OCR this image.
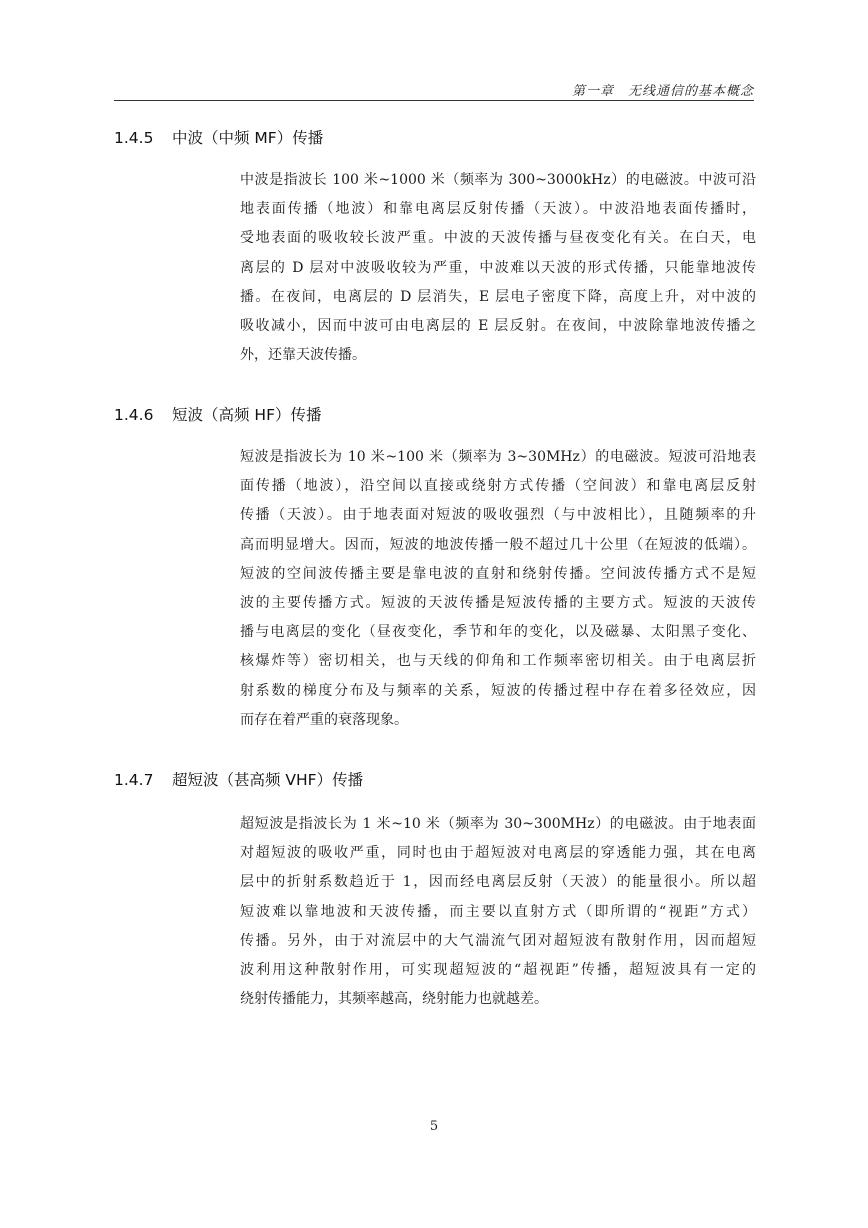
第一章　无线通信的基本概念
1.4.5 中波（中频 MF）传播
中波是指波长 100 米~1000 米（频率为 300~3000kHz）的电磁波。中波可沿
地表面传播（地波）和靠电离层反射传播（天波）。中波沿地表面传播时，
受地表面的吸收较长波严重。中波的天波传播与昼夜变化有关。在白天，电
离层的 D 层对中波吸收较为严重，中波难以天波的形式传播，只能靠地波传
播。在夜间，电离层的 D 层消失，E 层电子密度下降，高度上升，对中波的
吸收减小，因而中波可由电离层的 E 层反射。在夜间，中波除靠地波传播之
外，还靠天波传播。
1.4.6 短波（高频 HF）传播
短波是指波长为 10 米~100 米（频率为 3~30MHz）的电磁波。短波可沿地表
面传播（地波），沿空间以直接或绕射方式传播（空间波）和靠电离层反射
传播（天波）。由于地表面对短波的吸收强烈（与中波相比），且随频率的升
高而明显增大。因而，短波的地波传播一般不超过几十公里（在短波的低端）。
短波的空间波传播主要是靠电波的直射和绕射传播。空间波传播方式不是短
波的主要传播方式。短波的天波传播是短波传播的主要方式。短波的天波传
播与电离层的变化（昼夜变化，季节和年的变化，以及磁暴、太阳黑子变化、
核爆炸等）密切相关，也与天线的仰角和工作频率密切相关。由于电离层折
射系数的梯度分布及与频率的关系，短波的传播过程中存在着多径效应，因
而存在着严重的衰落现象。
1.4.7 超短波（甚高频 VHF）传播
超短波是指波长为 1 米~10 米（频率为 30~300MHz）的电磁波。由于地表面
对超短波的吸收严重，同时也由于超短波对电离层的穿透能力强，其在电离
层中的折射系数趋近于 1，因而经电离层反射（天波）的能量很小。所以超
短波难以靠地波和天波传播，而主要以直射方式（即所谓的“视距”方式）
传播。另外，由于对流层中的大气湍流气团对超短波有散射作用，因而超短
波利用这种散射作用，可实现超短波的“超视距”传播，超短波具有一定的
绕射传播能力，其频率越高，绕射能力也就越差。
5
